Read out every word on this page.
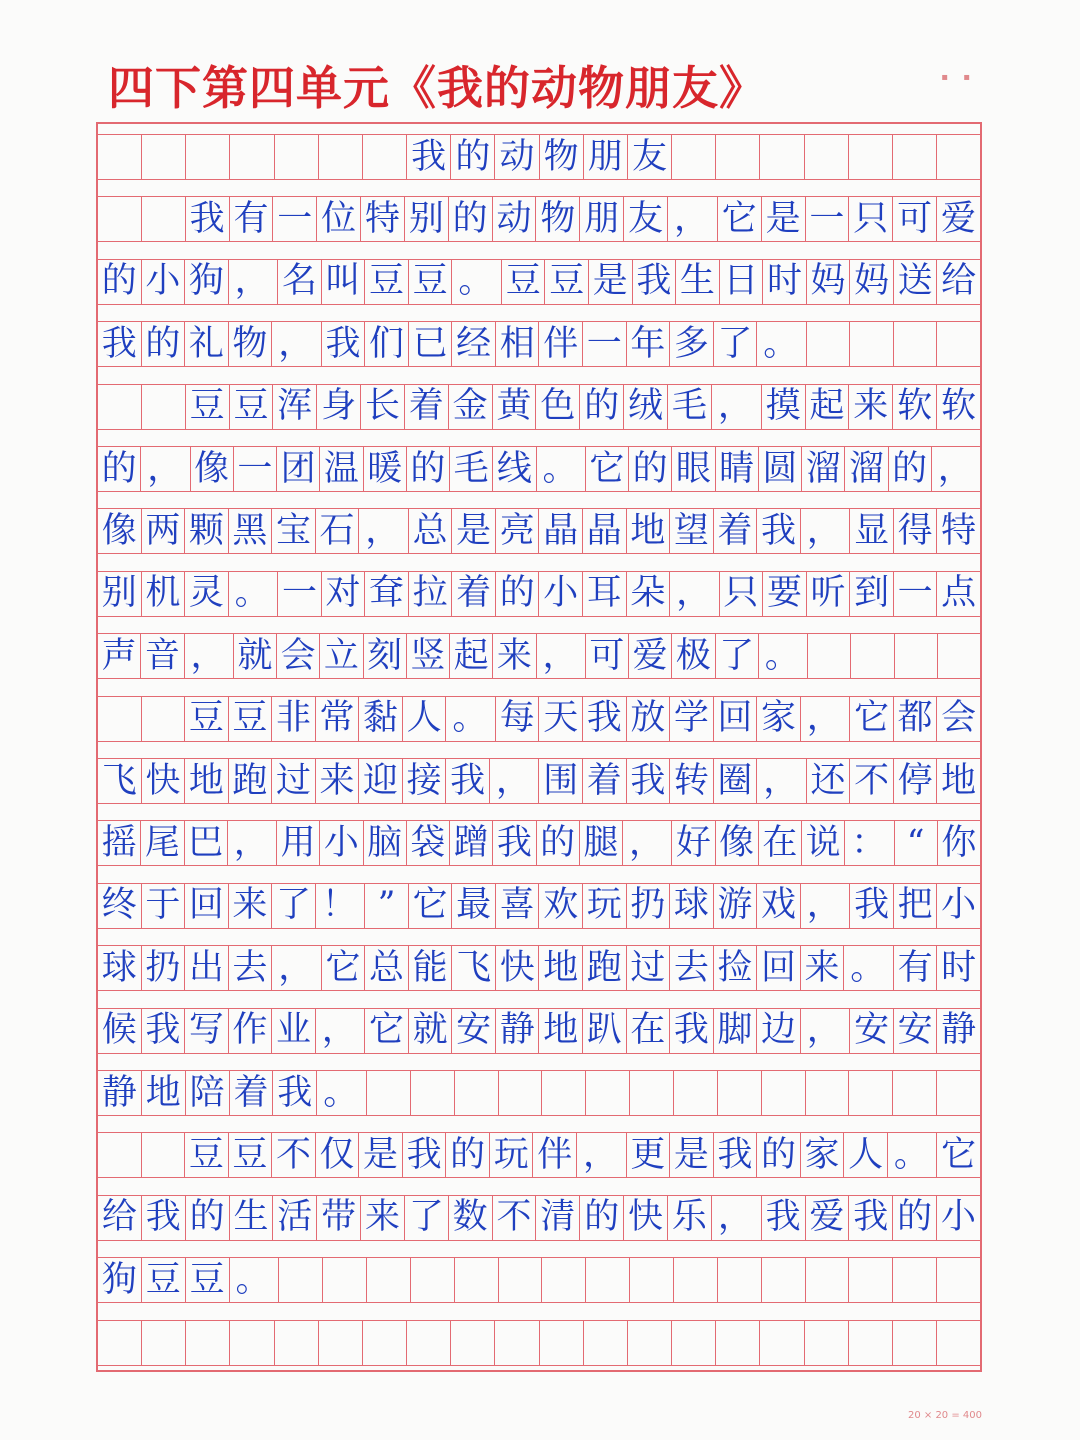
四下第四单元《我的动物朋友》	▪ ▪
我 的 动 物 朋 友
我 有 一 位 特 别 的 动 物 朋 友 ， 它 是 一 只 可 爱
的 小 狗 ， 名 叫 豆 豆 。 豆 豆 是 我 生 日 时 妈 妈 送 给
我 的 礼 物 ， 我 们 已 经 相 伴 一 年 多 了 。
豆 豆 浑 身 长 着 金 黄 色 的 绒 毛 ， 摸 起 来 软 软
的 ， 像 一 团 温 暖 的 毛 线 。 它 的 眼 睛 圆 溜 溜 的 ，
像 两 颗 黑 宝 石 ， 总 是 亮 晶 晶 地 望 着 我 ， 显 得 特
别 机 灵 。 一 对 耷 拉 着 的 小 耳 朵 ， 只 要 听 到 一 点
声 音 ， 就 会 立 刻 竖 起 来 ， 可 爱 极 了 。
豆 豆 非 常 黏 人 。 每 天 我 放 学 回 家 ， 它 都 会
飞 快 地 跑 过 来 迎 接 我 ， 围 着 我 转 圈 ， 还 不 停 地
摇 尾 巴 ， 用 小 脑 袋 蹭 我 的 腿 ， 好 像 在 说 ： “ 你
终 于 回 来 了 ！ ” 它 最 喜 欢 玩 扔 球 游 戏 ， 我 把 小
球 扔 出 去 ， 它 总 能 飞 快 地 跑 过 去 捡 回 来 。 有 时
候 我 写 作 业 ， 它 就 安 静 地 趴 在 我 脚 边 ， 安 安 静
静 地 陪 着 我 。
豆 豆 不 仅 是 我 的 玩 伴 ， 更 是 我 的 家 人 。 它
给 我 的 生 活 带 来 了 数 不 清 的 快 乐 ， 我 爱 我 的 小
狗 豆 豆 。
20 × 20 = 400
